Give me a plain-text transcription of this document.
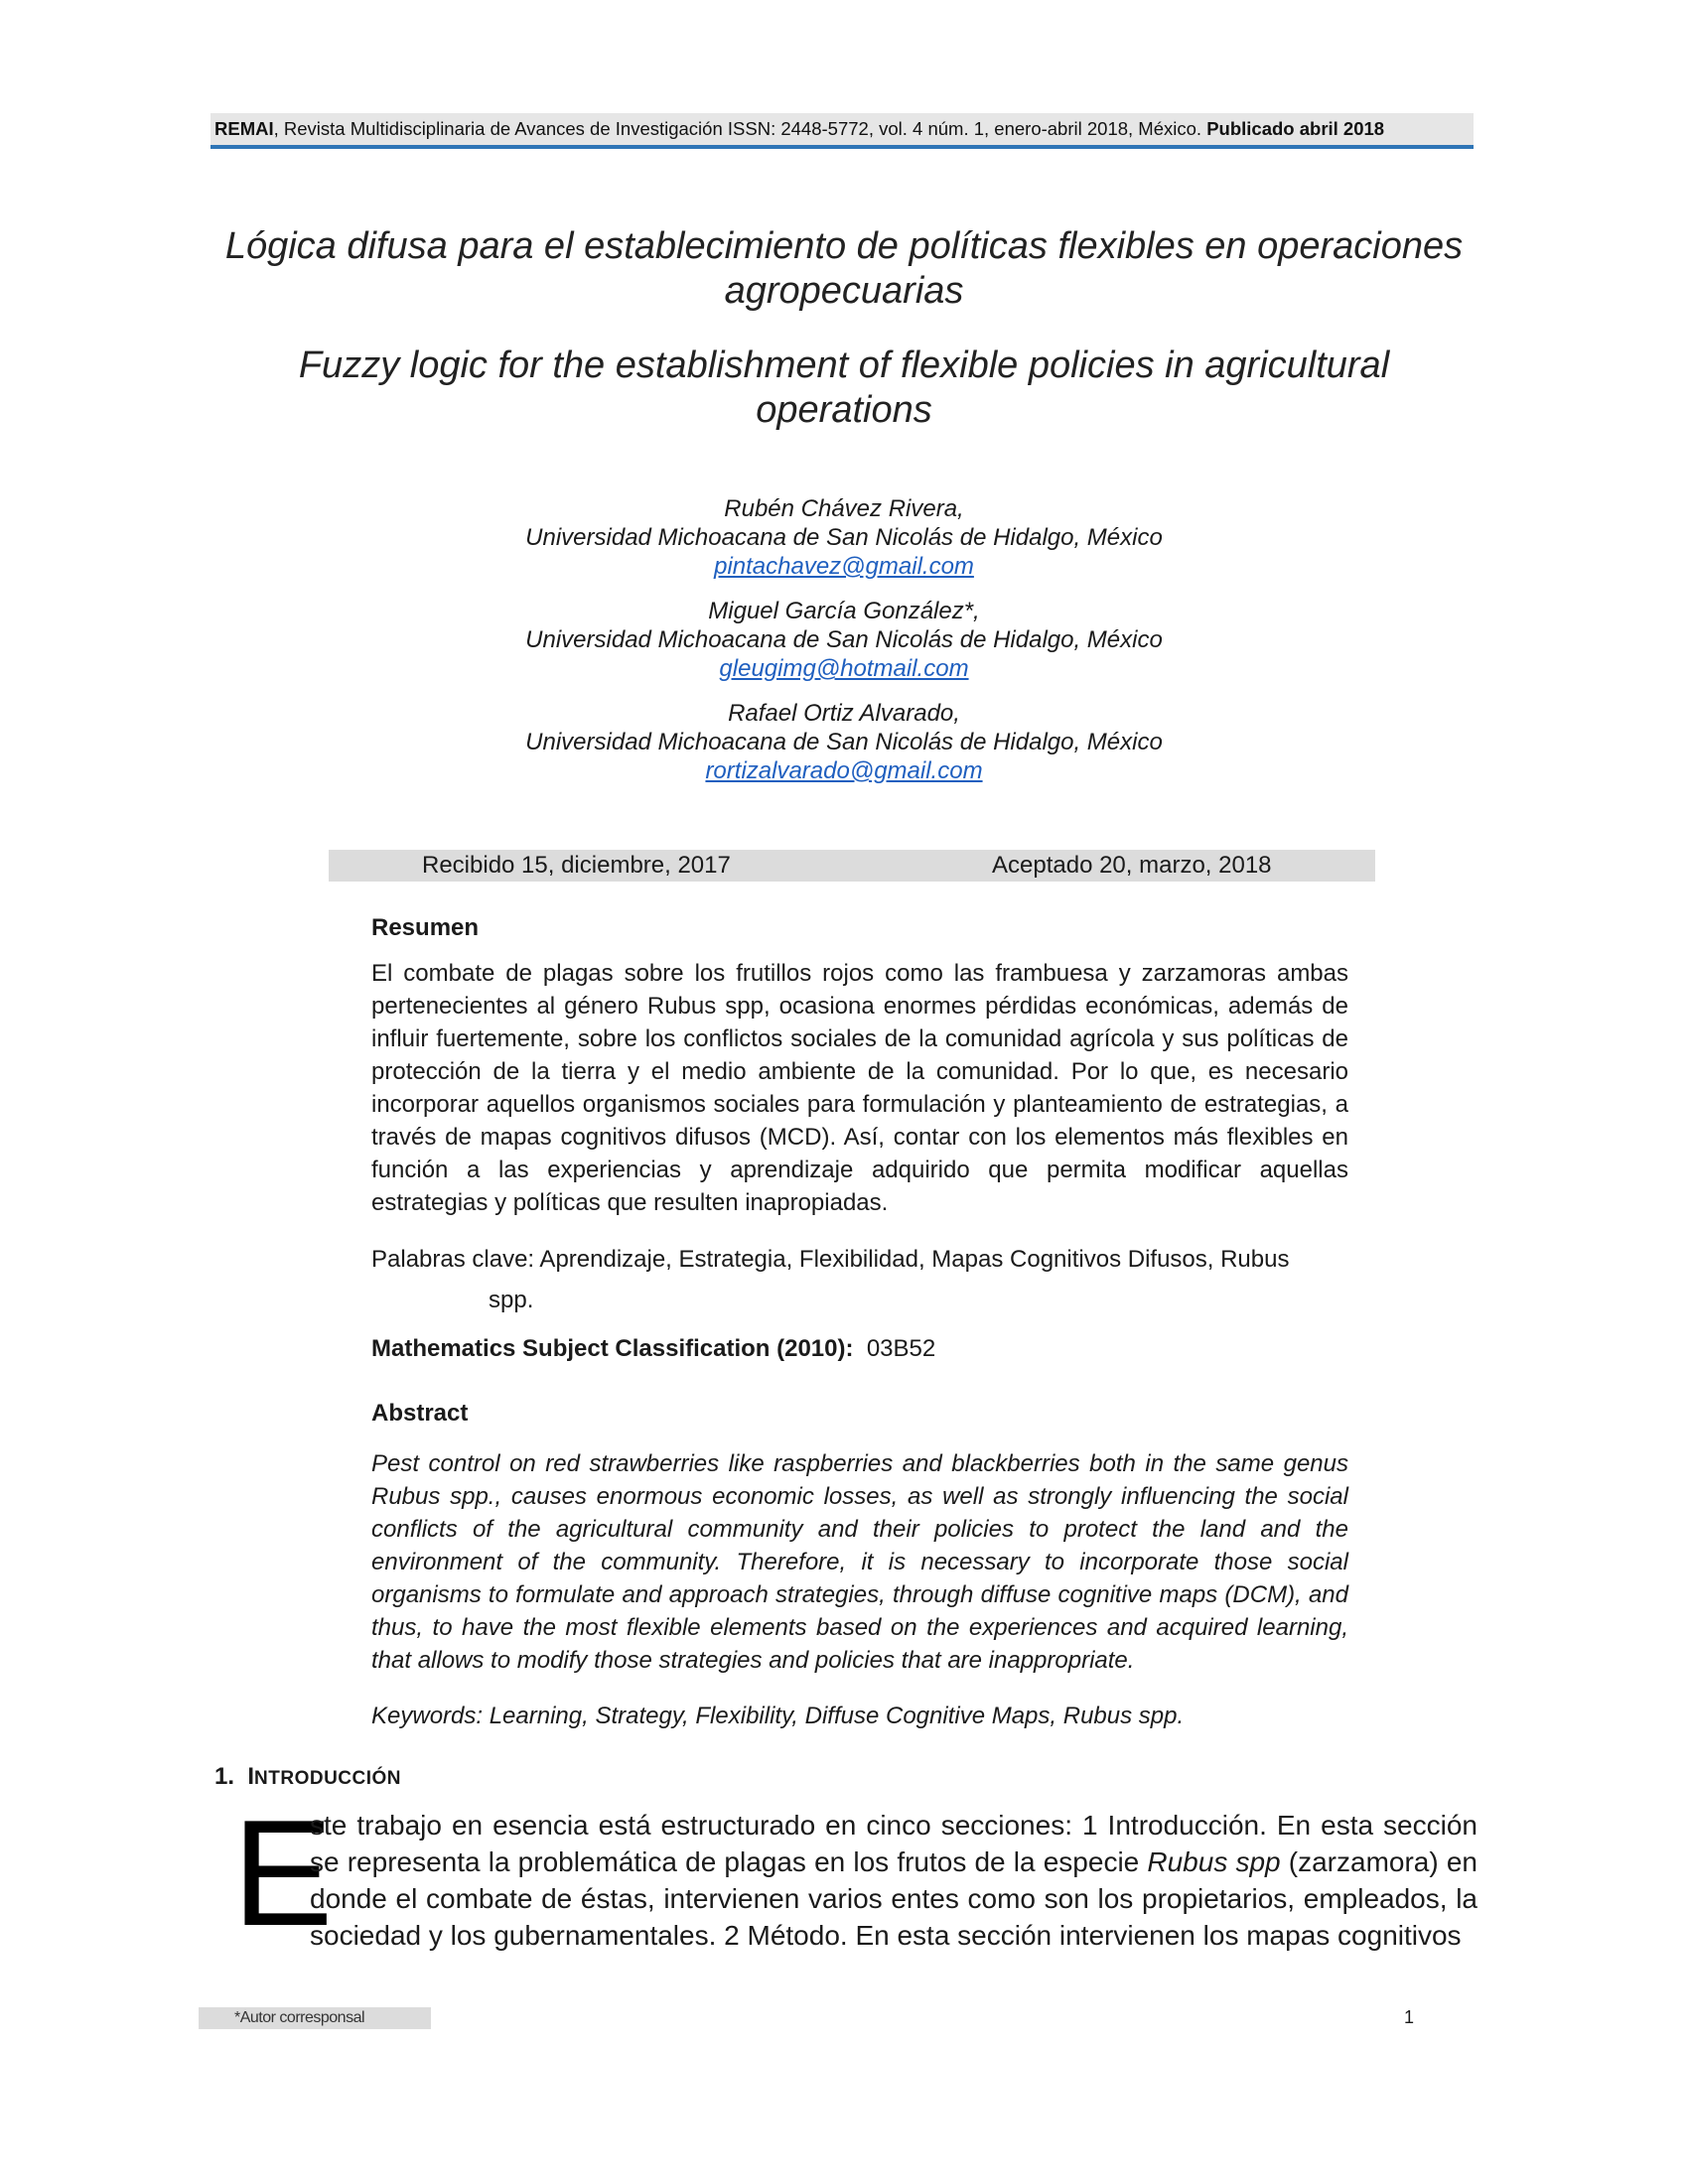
REMAI, Revista Multidisciplinaria de Avances de Investigación ISSN: 2448-5772, vol. 4 núm. 1, enero-abril 2018, México. Publicado abril 2018
Lógica difusa para el establecimiento de políticas flexibles en operaciones agropecuarias
Fuzzy logic for the establishment of flexible policies in agricultural operations
Rubén Chávez Rivera,
Universidad Michoacana de San Nicolás de Hidalgo, México
pintachavez@gmail.com
Miguel García González*,
Universidad Michoacana de San Nicolás de Hidalgo, México
gleugimg@hotmail.com
Rafael Ortiz Alvarado,
Universidad Michoacana de San Nicolás de Hidalgo, México
rortizalvarado@gmail.com
Recibido 15, diciembre, 2017	Aceptado 20, marzo, 2018
Resumen
El combate de plagas sobre los frutillos rojos como las frambuesa y zarzamoras ambas pertenecientes al género Rubus spp, ocasiona enormes pérdidas económicas, además de influir fuertemente, sobre los conflictos sociales de la comunidad agrícola y sus políticas de protección de la tierra y el medio ambiente de la comunidad. Por lo que, es necesario incorporar aquellos organismos sociales para formulación y planteamiento de estrategias, a través de mapas cognitivos difusos (MCD). Así, contar con los elementos más flexibles en función a las experiencias y aprendizaje adquirido que permita modificar aquellas estrategias y políticas que resulten inapropiadas.
Palabras clave: Aprendizaje, Estrategia, Flexibilidad, Mapas Cognitivos Difusos, Rubus
spp.
Mathematics Subject Classification (2010): 03B52
Abstract
Pest control on red strawberries like raspberries and blackberries both in the same genus Rubus spp., causes enormous economic losses, as well as strongly influencing the social conflicts of the agricultural community and their policies to protect the land and the environment of the community. Therefore, it is necessary to incorporate those social organisms to formulate and approach strategies, through diffuse cognitive maps (DCM), and thus, to have the most flexible elements based on the experiences and acquired learning, that allows to modify those strategies and policies that are inappropriate.
Keywords: Learning, Strategy, Flexibility, Diffuse Cognitive Maps, Rubus spp.
1. INTRODUCCIÓN
E
ste trabajo en esencia está estructurado en cinco secciones: 1 Introducción. En esta sección se representa la problemática de plagas en los frutos de la especie Rubus spp (zarzamora) en donde el combate de éstas, intervienen varios entes como son los propietarios, empleados, la sociedad y los gubernamentales. 2 Método. En esta sección intervienen los mapas cognitivos
*Autor corresponsal	1
